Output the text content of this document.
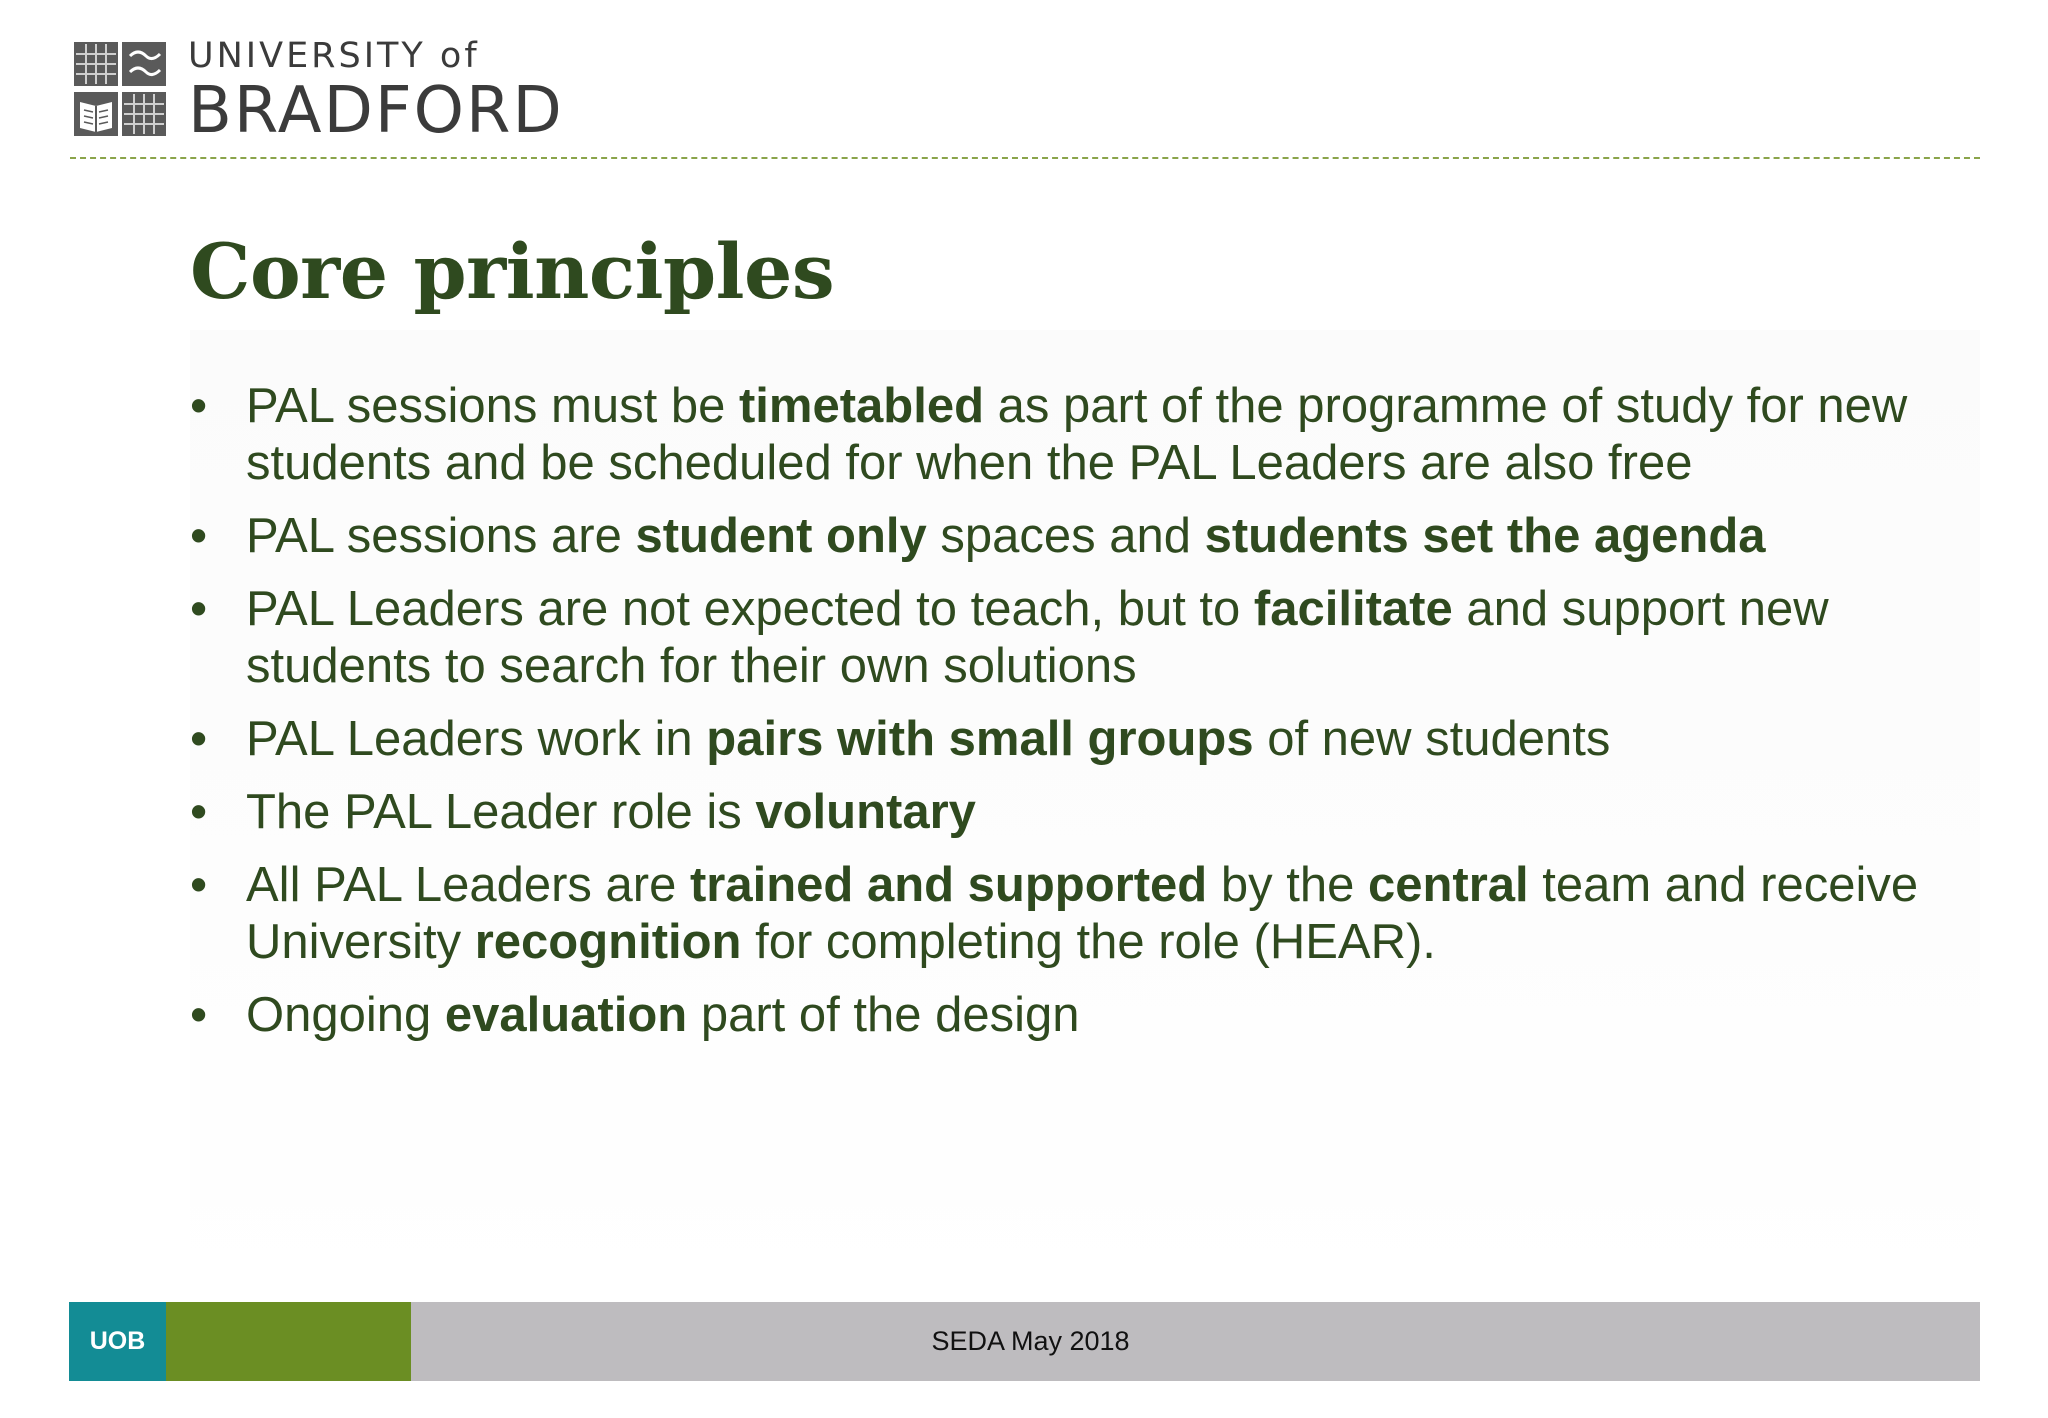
UNIVERSITY of
BRADFORD
Core principles
• PAL sessions must be timetabled as part of the programme of study for new students and be scheduled for when the PAL Leaders are also free
• PAL sessions are student only spaces and students set the agenda
• PAL Leaders are not expected to teach, but to facilitate and support new students to search for their own solutions
• PAL Leaders work in pairs with small groups of new students
• The PAL Leader role is voluntary
• All PAL Leaders are trained and supported by the central team and receive University recognition for completing the role (HEAR).
• Ongoing evaluation part of the design
UOB	SEDA May 2018
